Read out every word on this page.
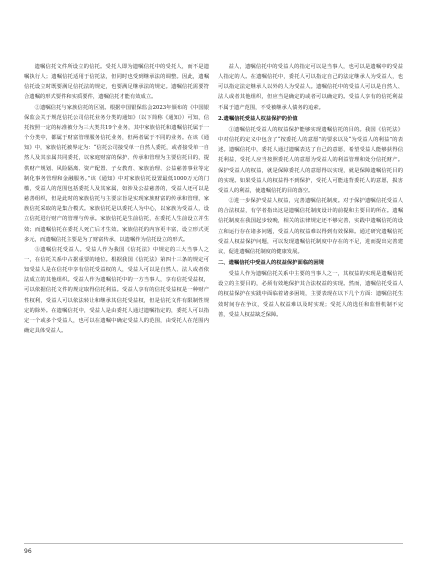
遗嘱信托文件所设立的信托。受托人即为遗嘱信托中的受托人，而不是遗嘱执行人；遗嘱信托适用于信托法，但同时也受到继承法的调整。因此，遗嘱信托设立时既要满足信托法的规定，也要满足继承法的规定。遗嘱信托需要符合遗嘱的形式要件和实质要件，遗嘱信托才能有效成立。

②遗嘱信托与家族信托的区别。根据中国银保监会2023年颁布的《中国银保监会关于规范信托公司信托业务分类的通知》（以下简称《通知》）可知，信托按照一定的标准被分为三大类共19个业务，其中家族信托和遗嘱信托属于一个分类中，都属于财富管理服务信托业务，但两者属于不同的业务。在该《通知》中，家族信托被界定为：“信托公司接受单一自然人委托，或者接受单一自然人及其亲属共同委托，以家庭财富的保护、传承和管理为主要信托目的，提供财产规划、风险隔离、资产配置、子女教育、家族治理、公益慈善事业等定制化事务管理和金融服务。”该《通知》中对家族信托设置最低1000万元的门槛，受益人的范围包括委托人及其家属，如涉及公益慈善的，受益人还可以是慈善组织，但是此时的家族信托与主要宗旨是实现家族财富的传承和管理，家族信托采取的是集合模式。家族信托是以委托人为中心，以家族为受益人，设立信托进行财产的管理与传承。家族信托是生前信托，在委托人生前设立并生效；而遗嘱信托在委托人死亡后才生效。家族信托的内容更丰富，设立形式更多元，而遗嘱信托主要是为了财富传承，以遗嘱作为信托设立的形式。

③遗嘱信托受益人。受益人作为我国《信托法》中规定的三大当事人之一，在信托关系中占据重要的地位。根据我国《信托法》第四十三条的规定可知受益人是在信托中享有信托受益权的人，受益人可以是自然人、法人或者依法成立的其他组织。受益人作为遗嘱信托中的一方当事人，享有信托受益权，可以依据信托文件的规定取得信托利益。受益人享有的信托受益权是一种财产性权利，受益人可以依法转让和继承其信托受益权，但是信托文件有限制性规定的除外。在遗嘱信托中，受益人是由委托人通过遗嘱指定的，委托人可以指定一个或多个受益人，也可以在遗嘱中确定受益人的范围，由受托人在范围内确定具体受益人。

益人，遗嘱信托中的受益人的指定可以是当事人，也可以是遗嘱中的受益人指定的人。在遗嘱信托中，委托人可以指定自己的法定继承人为受益人，也可以指定法定继承人以外的人为受益人。遗嘱信托中的受益人可以是自然人、法人或者其他组织，但应当是确定的或者可以确定的。受益人享有的信托利益不属于遗产范围，不受被继承人债务的追索。

2.遗嘱信托受益人权益保护的价值

①遗嘱信托受益人的权益保护能够实现遗嘱信托的目的。我国《信托法》中对信托的定义中包含了“按委托人的意愿”的要求以及“为受益人的利益”的表述。遗嘱信托中，委托人通过遗嘱表达了自己的意愿，希望受益人能够获得信托利益，受托人应当按照委托人的意愿为受益人的利益管理和处分信托财产。保护受益人的权益，就是保障委托人的意愿得以实现，就是保障遗嘱信托目的的实现。如果受益人的权益得不到保护，受托人可能违背委托人的意愿，损害受益人的利益，使遗嘱信托的目的落空。

②进一步保护受益人权益，完善遗嘱信托制度。对于保护遗嘱信托受益人的合法权益，有学者指出这是遗嘱信托制度设计的前提和主要目的所在。遗嘱信托制度在我国起步较晚，相关的法律规定还不够完善，实践中遗嘱信托的设立和运行存在诸多问题，受益人的权益难以得到有效保障。通过研究遗嘱信托受益人权益保护问题，可以发现遗嘱信托制度中存在的不足，进而提出完善建议，促进遗嘱信托制度的健康发展。

二、遗嘱信托中受益人的权益保护面临的困境

受益人作为遗嘱信托关系中主要的当事人之一，其权益的实现是遗嘱信托设立的主要目的，必须有效地保护其合法权益的实现。然而，遗嘱信托受益人的权益保护在实践中面临着诸多困境，主要表现在以下几个方面：遗嘱信托生效时间存在争议，受益人权益难以及时实现；受托人的选任和监督机制不完善，受益人权益缺乏保障。

96
